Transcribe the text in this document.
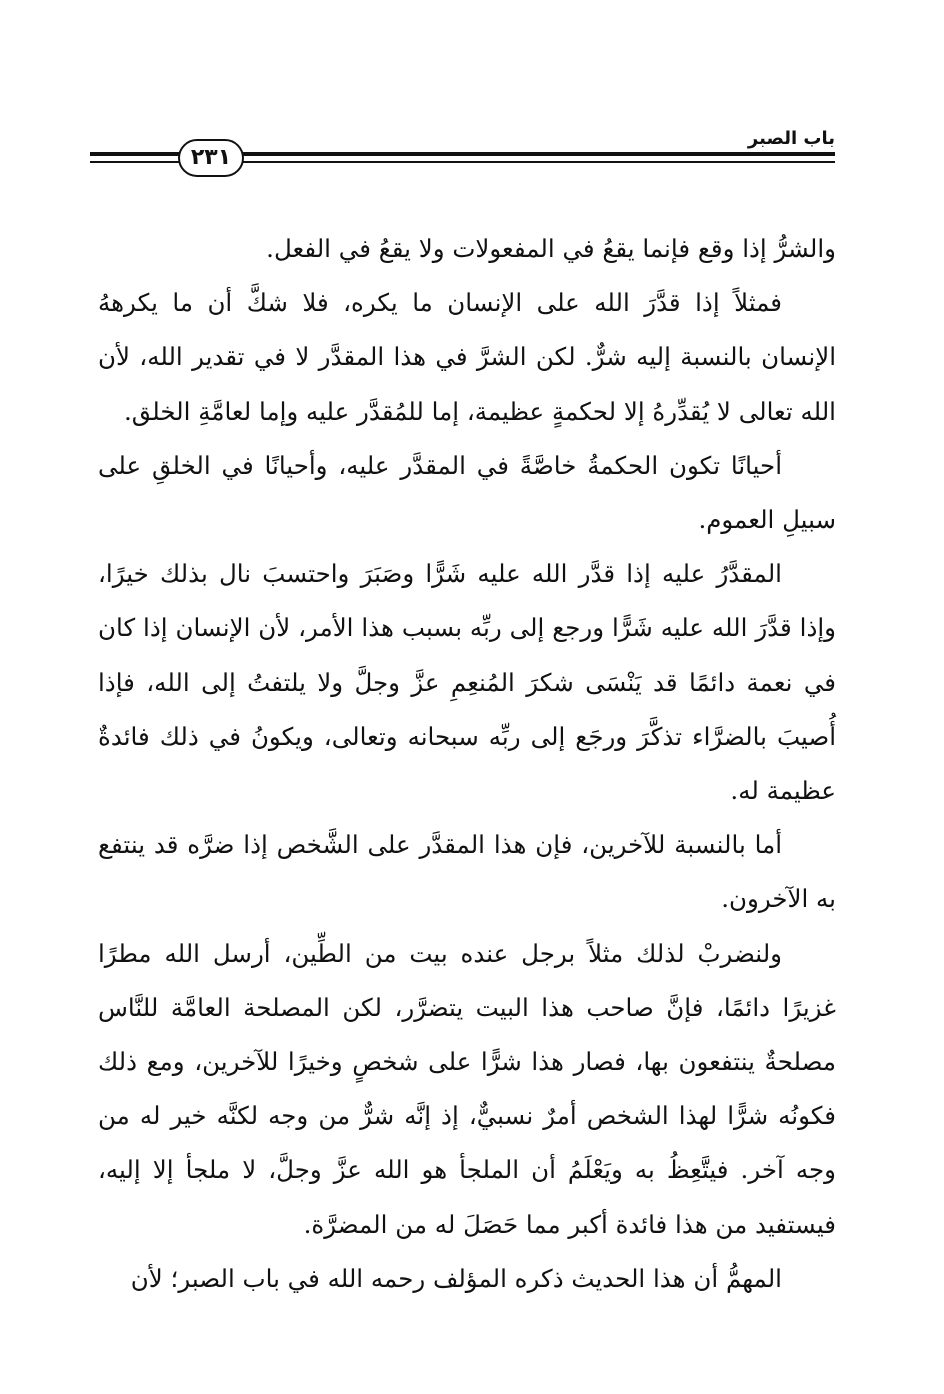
باب الصبر
٢٣١

والشرُّ إذا وقع فإنما يقعُ في المفعولات ولا يقعُ في الفعل.

فمثلاً إذا قدَّرَ الله على الإنسان ما يكره، فلا شكَّ أن ما يكرههُ الإنسان بالنسبة إليه شرٌّ. لكن الشرَّ في هذا المقدَّر لا في تقدير الله، لأن الله تعالى لا يُقدِّرهُ إلا لحكمةٍ عظيمة، إما للمُقدَّر عليه وإما لعامَّةِ الخلق.

أحيانًا تكون الحكمةُ خاصَّةً في المقدَّر عليه، وأحيانًا في الخلقِ على سبيلِ العموم.

المقدَّرُ عليه إذا قدَّر الله عليه شَرًّا وصَبَرَ واحتسبَ نال بذلك خيرًا، وإذا قدَّرَ الله عليه شَرًّا ورجع إلى ربِّه بسبب هذا الأمر، لأن الإنسان إذا كان في نعمة دائمًا قد يَنْسَى شكرَ المُنعِمِ عزَّ وجلَّ ولا يلتفتُ إلى الله، فإذا أُصيبَ بالضرَّاء تذكَّرَ ورجَع إلى ربِّه سبحانه وتعالى، ويكونُ في ذلك فائدةٌ عظيمة له.

أما بالنسبة للآخرين، فإن هذا المقدَّر على الشَّخص إذا ضرَّه قد ينتفع به الآخرون.

ولنضربْ لذلك مثلاً برجل عنده بيت من الطِّين، أرسل الله مطرًا غزيرًا دائمًا، فإنَّ صاحب هذا البيت يتضرَّر، لكن المصلحة العامَّة للنَّاس مصلحةٌ ينتفعون بها، فصار هذا شرًّا على شخصٍ وخيرًا للآخرين، ومع ذلك فكونُه شرًّا لهذا الشخص أمرٌ نسبيٌّ، إذ إنَّه شرٌّ من وجه لكنَّه خير له من وجه آخر. فيتَّعِظُ به ويَعْلَمُ أن الملجأ هو الله عزَّ وجلَّ، لا ملجأ إلا إليه، فيستفيد من هذا فائدة أكبر مما حَصَلَ له من المضرَّة.

المهمُّ أن هذا الحديث ذكره المؤلف رحمه الله في باب الصبر؛ لأن
